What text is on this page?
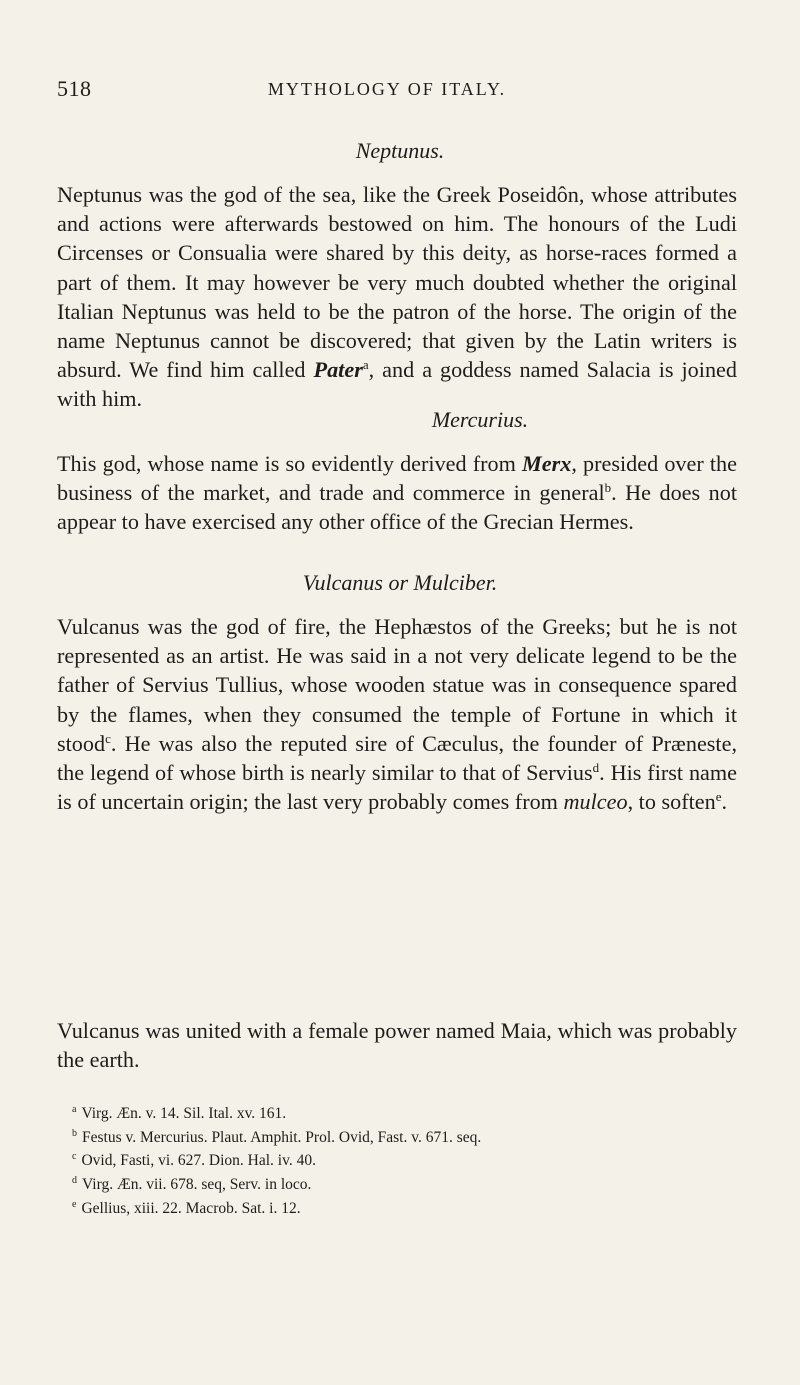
518	MYTHOLOGY OF ITALY.
Neptunus.

Neptunus was the god of the sea, like the Greek Poseidôn, whose attributes and actions were afterwards bestowed on him. The honours of the Ludi Circenses or Consualia were shared by this deity, as horse-races formed a part of them. It may however be very much doubted whether the original Italian Neptunus was held to be the patron of the horse. The origin of the name Neptunus cannot be discovered; that given by the Latin writers is absurd. We find him called Pater$^a$, and a goddess named Salacia is joined with him.

Mercurius.

This god, whose name is so evidently derived from Merx, presided over the business of the market, and trade and commerce in general$^b$. He does not appear to have exercised any other office of the Grecian Hermes.

Vulcanus or Mulciber.

Vulcanus was the god of fire, the Hephæstos of the Greeks; but he is not represented as an artist. He was said in a not very delicate legend to be the father of Servius Tullius, whose wooden statue was in consequence spared by the flames, when they consumed the temple of Fortune in which it stood$^c$. He was also the reputed sire of Cæculus, the founder of Præneste, the legend of whose birth is nearly similar to that of Servius$^d$. His first name is of uncertain origin; the last very probably comes from mulceo, to soften$^e$.

Vulcanus was united with a female power named Maia, which was probably the earth.

$^a$ Virg. Æn. v. 14. Sil. Ital. xv. 161.
$^b$ Festus v. Mercurius. Plaut. Amphit. Prol. Ovid, Fast. v. 671. seq.
$^c$ Ovid, Fasti, vi. 627. Dion. Hal. iv. 40.
$^d$ Virg. Æn. vii. 678. seq, Serv. in loco.
$^e$ Gellius, xiii. 22. Macrob. Sat. i. 12.
